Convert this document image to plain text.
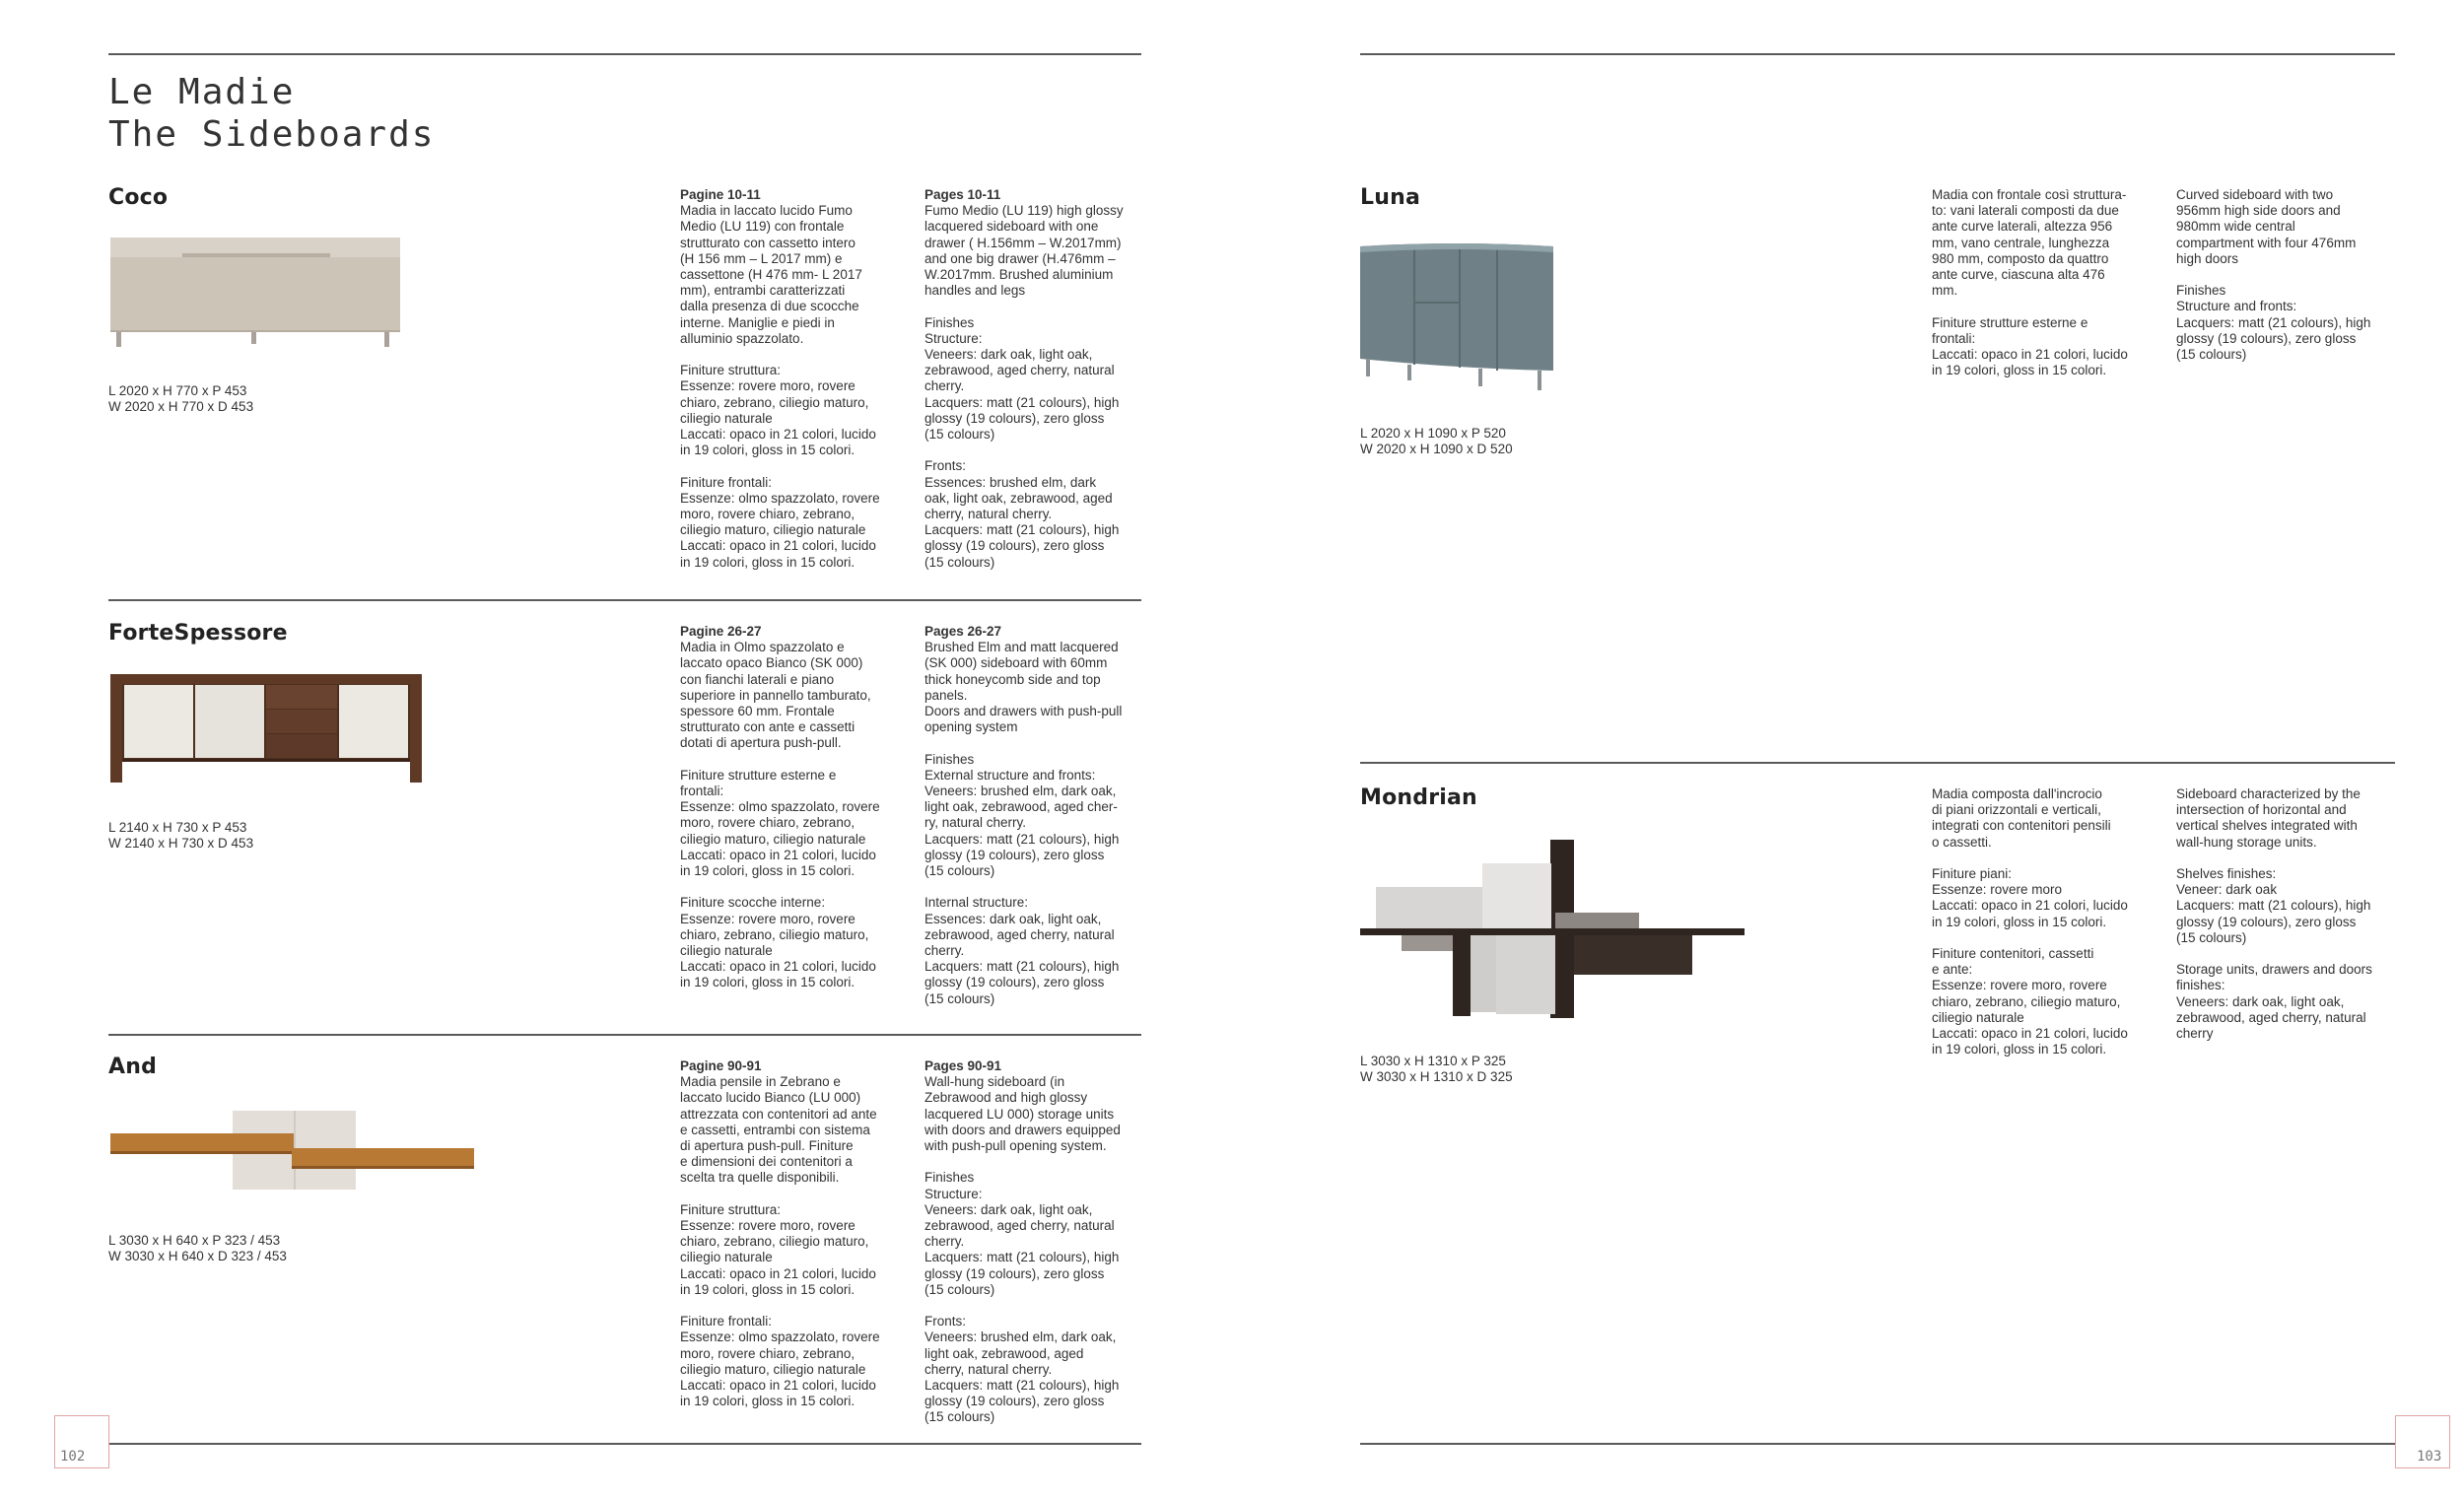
Le Madie
The Sideboards
Coco
L 2020 x H 770 x P 453
W 2020 x H 770 x D 453
Pagine 10-11
Madia in laccato lucido Fumo
Medio (LU 119) con frontale
strutturato con cassetto intero
(H 156 mm – L 2017 mm) e
cassettone (H 476 mm- L 2017
mm), entrambi caratterizzati
dalla presenza di due scocche
interne. Maniglie e piedi in
alluminio spazzolato.

Finiture struttura:
Essenze: rovere moro, rovere
chiaro, zebrano, ciliegio maturo,
ciliegio naturale
Laccati: opaco in 21 colori, lucido
in 19 colori, gloss in 15 colori.

Finiture frontali:
Essenze: olmo spazzolato, rovere
moro, rovere chiaro, zebrano,
ciliegio maturo, ciliegio naturale
Laccati: opaco in 21 colori, lucido
in 19 colori, gloss in 15 colori.
Pages 10-11
Fumo Medio (LU 119) high glossy
lacquered sideboard with one
drawer ( H.156mm – W.2017mm)
and one big drawer (H.476mm –
W.2017mm. Brushed aluminium
handles and legs

Finishes
Structure:
Veneers: dark oak, light oak,
zebrawood, aged cherry, natural
cherry.
Lacquers: matt (21 colours), high
glossy (19 colours), zero gloss
(15 colours)

Fronts:
Essences: brushed elm, dark
oak, light oak, zebrawood, aged
cherry, natural cherry.
Lacquers: matt (21 colours), high
glossy (19 colours), zero gloss
(15 colours)
ForteSpessore
L 2140 x H 730 x P 453
W 2140 x H 730 x D 453
Pagine 26-27
Madia in Olmo spazzolato e
laccato opaco Bianco (SK 000)
con fianchi laterali e piano
superiore in pannello tamburato,
spessore 60 mm. Frontale
strutturato con ante e cassetti
dotati di apertura push-pull.

Finiture strutture esterne e
frontali:
Essenze: olmo spazzolato, rovere
moro, rovere chiaro, zebrano,
ciliegio maturo, ciliegio naturale
Laccati: opaco in 21 colori, lucido
in 19 colori, gloss in 15 colori.

Finiture scocche interne:
Essenze: rovere moro, rovere
chiaro, zebrano, ciliegio maturo,
ciliegio naturale
Laccati: opaco in 21 colori, lucido
in 19 colori, gloss in 15 colori.
Pages 26-27
Brushed Elm and matt lacquered
(SK 000) sideboard with 60mm
thick honeycomb side and top
panels.
Doors and drawers with push-pull
opening system

Finishes
External structure and fronts:
Veneers: brushed elm, dark oak,
light oak, zebrawood, aged cher-
ry, natural cherry.
Lacquers: matt (21 colours), high
glossy (19 colours), zero gloss
(15 colours)

Internal structure:
Essences: dark oak, light oak,
zebrawood, aged cherry, natural
cherry.
Lacquers: matt (21 colours), high
glossy (19 colours), zero gloss
(15 colours)
And
L 3030 x H 640 x P 323 / 453
W 3030 x H 640 x D 323 / 453
Pagine 90-91
Madia pensile in Zebrano e
laccato lucido Bianco (LU 000)
attrezzata con contenitori ad ante
e cassetti, entrambi con sistema
di apertura push-pull. Finiture
e dimensioni dei contenitori a
scelta tra quelle disponibili.

Finiture struttura:
Essenze: rovere moro, rovere
chiaro, zebrano, ciliegio maturo,
ciliegio naturale
Laccati: opaco in 21 colori, lucido
in 19 colori, gloss in 15 colori.

Finiture frontali:
Essenze: olmo spazzolato, rovere
moro, rovere chiaro, zebrano,
ciliegio maturo, ciliegio naturale
Laccati: opaco in 21 colori, lucido
in 19 colori, gloss in 15 colori.
Pages 90-91
Wall-hung sideboard (in
Zebrawood and high glossy
lacquered LU 000) storage units
with doors and drawers equipped
with push-pull opening system.

Finishes
Structure:
Veneers: dark oak, light oak,
zebrawood, aged cherry, natural
cherry.
Lacquers: matt (21 colours), high
glossy (19 colours), zero gloss
(15 colours)

Fronts:
Veneers: brushed elm, dark oak,
light oak, zebrawood, aged
cherry, natural cherry.
Lacquers: matt (21 colours), high
glossy (19 colours), zero gloss
(15 colours)
Luna
L 2020 x H 1090 x P 520
W 2020 x H 1090 x D 520
Madia con frontale così struttura-
to: vani laterali composti da due
ante curve laterali, altezza 956
mm, vano centrale, lunghezza
980 mm, composto da quattro
ante curve, ciascuna alta 476
mm.

Finiture strutture esterne e
frontali:
Laccati: opaco in 21 colori, lucido
in 19 colori, gloss in 15 colori.
Curved sideboard with two
956mm high side doors and
980mm wide central
compartment with four 476mm
high doors

Finishes
Structure and fronts:
Lacquers: matt (21 colours), high
glossy (19 colours), zero gloss
(15 colours)
Mondrian
L 3030 x H 1310 x P 325
W 3030 x H 1310 x D 325
Madia composta dall'incrocio
di piani orizzontali e verticali,
integrati con contenitori pensili
o cassetti.

Finiture piani:
Essenze: rovere moro
Laccati: opaco in 21 colori, lucido
in 19 colori, gloss in 15 colori.

Finiture contenitori, cassetti
e ante:
Essenze: rovere moro, rovere
chiaro, zebrano, ciliegio maturo,
ciliegio naturale
Laccati: opaco in 21 colori, lucido
in 19 colori, gloss in 15 colori.
Sideboard characterized by the
intersection of horizontal and
vertical shelves integrated with
wall-hung storage units.

Shelves finishes:
Veneer: dark oak
Lacquers: matt (21 colours), high
glossy (19 colours), zero gloss
(15 colours)

Storage units, drawers and doors
finishes:
Veneers: dark oak, light oak,
zebrawood, aged cherry, natural
cherry
102	103
